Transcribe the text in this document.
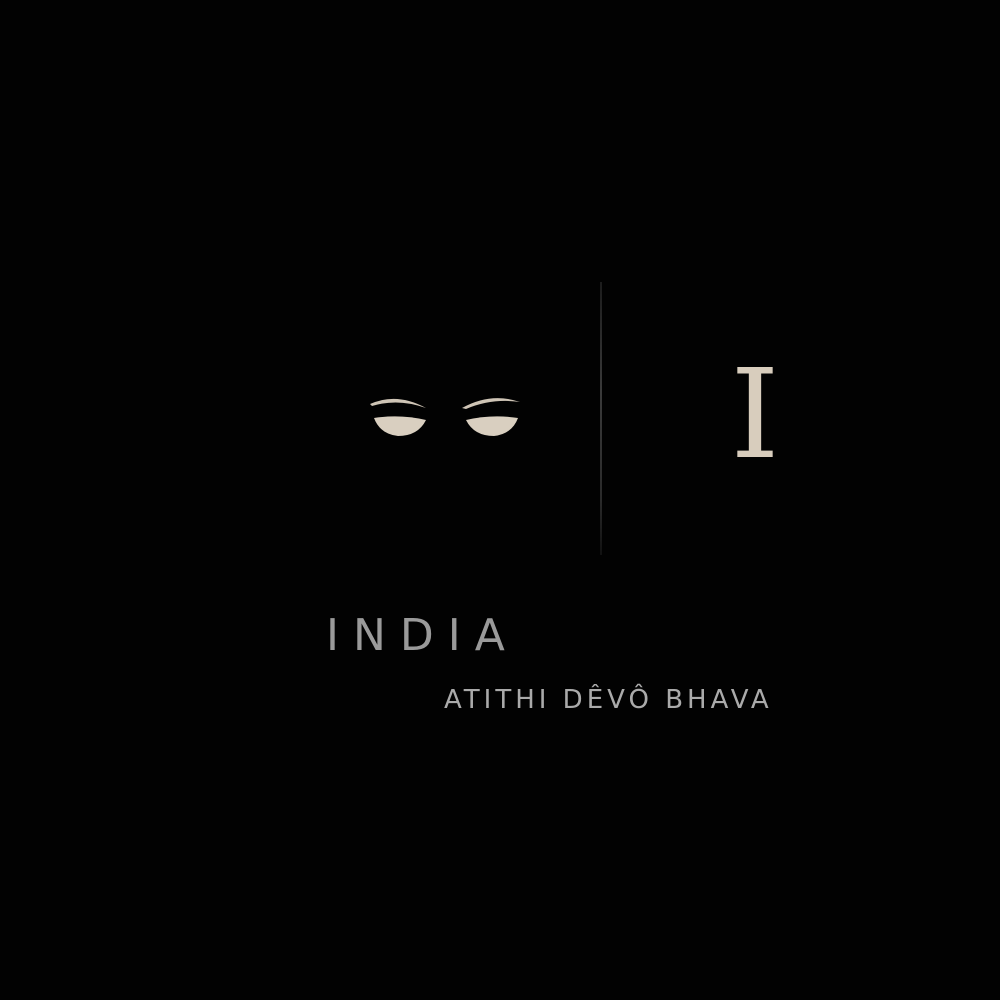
I
INDIA
ATITHI DÊVÔ BHAVA
